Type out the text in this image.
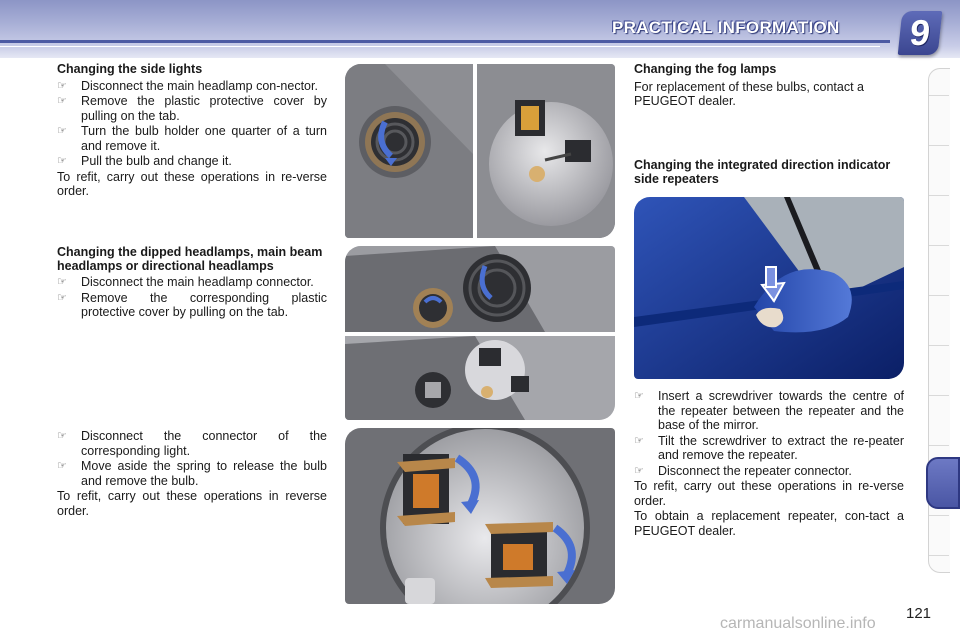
PRACTICAL INFORMATION 9
Changing the side lights
☞ Disconnect the main headlamp con-nector.
☞ Remove the plastic protective cover by pulling on the tab.
☞ Turn the bulb holder one quarter of a turn and remove it.
☞ Pull the bulb and change it.
To refit, carry out these operations in re-verse order.
Changing the dipped headlamps, main beam headlamps or directional headlamps
☞ Disconnect the main headlamp connector.
☞ Remove the corresponding plastic protective cover by pulling on the tab.
☞ Disconnect the connector of the corresponding light.
☞ Move aside the spring to release the bulb and remove the bulb.
To refit, carry out these operations in reverse order.
Changing the fog lamps
For replacement of these bulbs, contact a PEUGEOT dealer.
Changing the integrated direction indicator side repeaters
☞ Insert a screwdriver towards the centre of the repeater between the repeater and the base of the mirror.
☞ Tilt the screwdriver to extract the re-peater and remove the repeater.
☞ Disconnect the repeater connector.
To refit, carry out these operations in re-verse order.
To obtain a replacement repeater, con-tact a PEUGEOT dealer.
121
carmanualsonline.info
